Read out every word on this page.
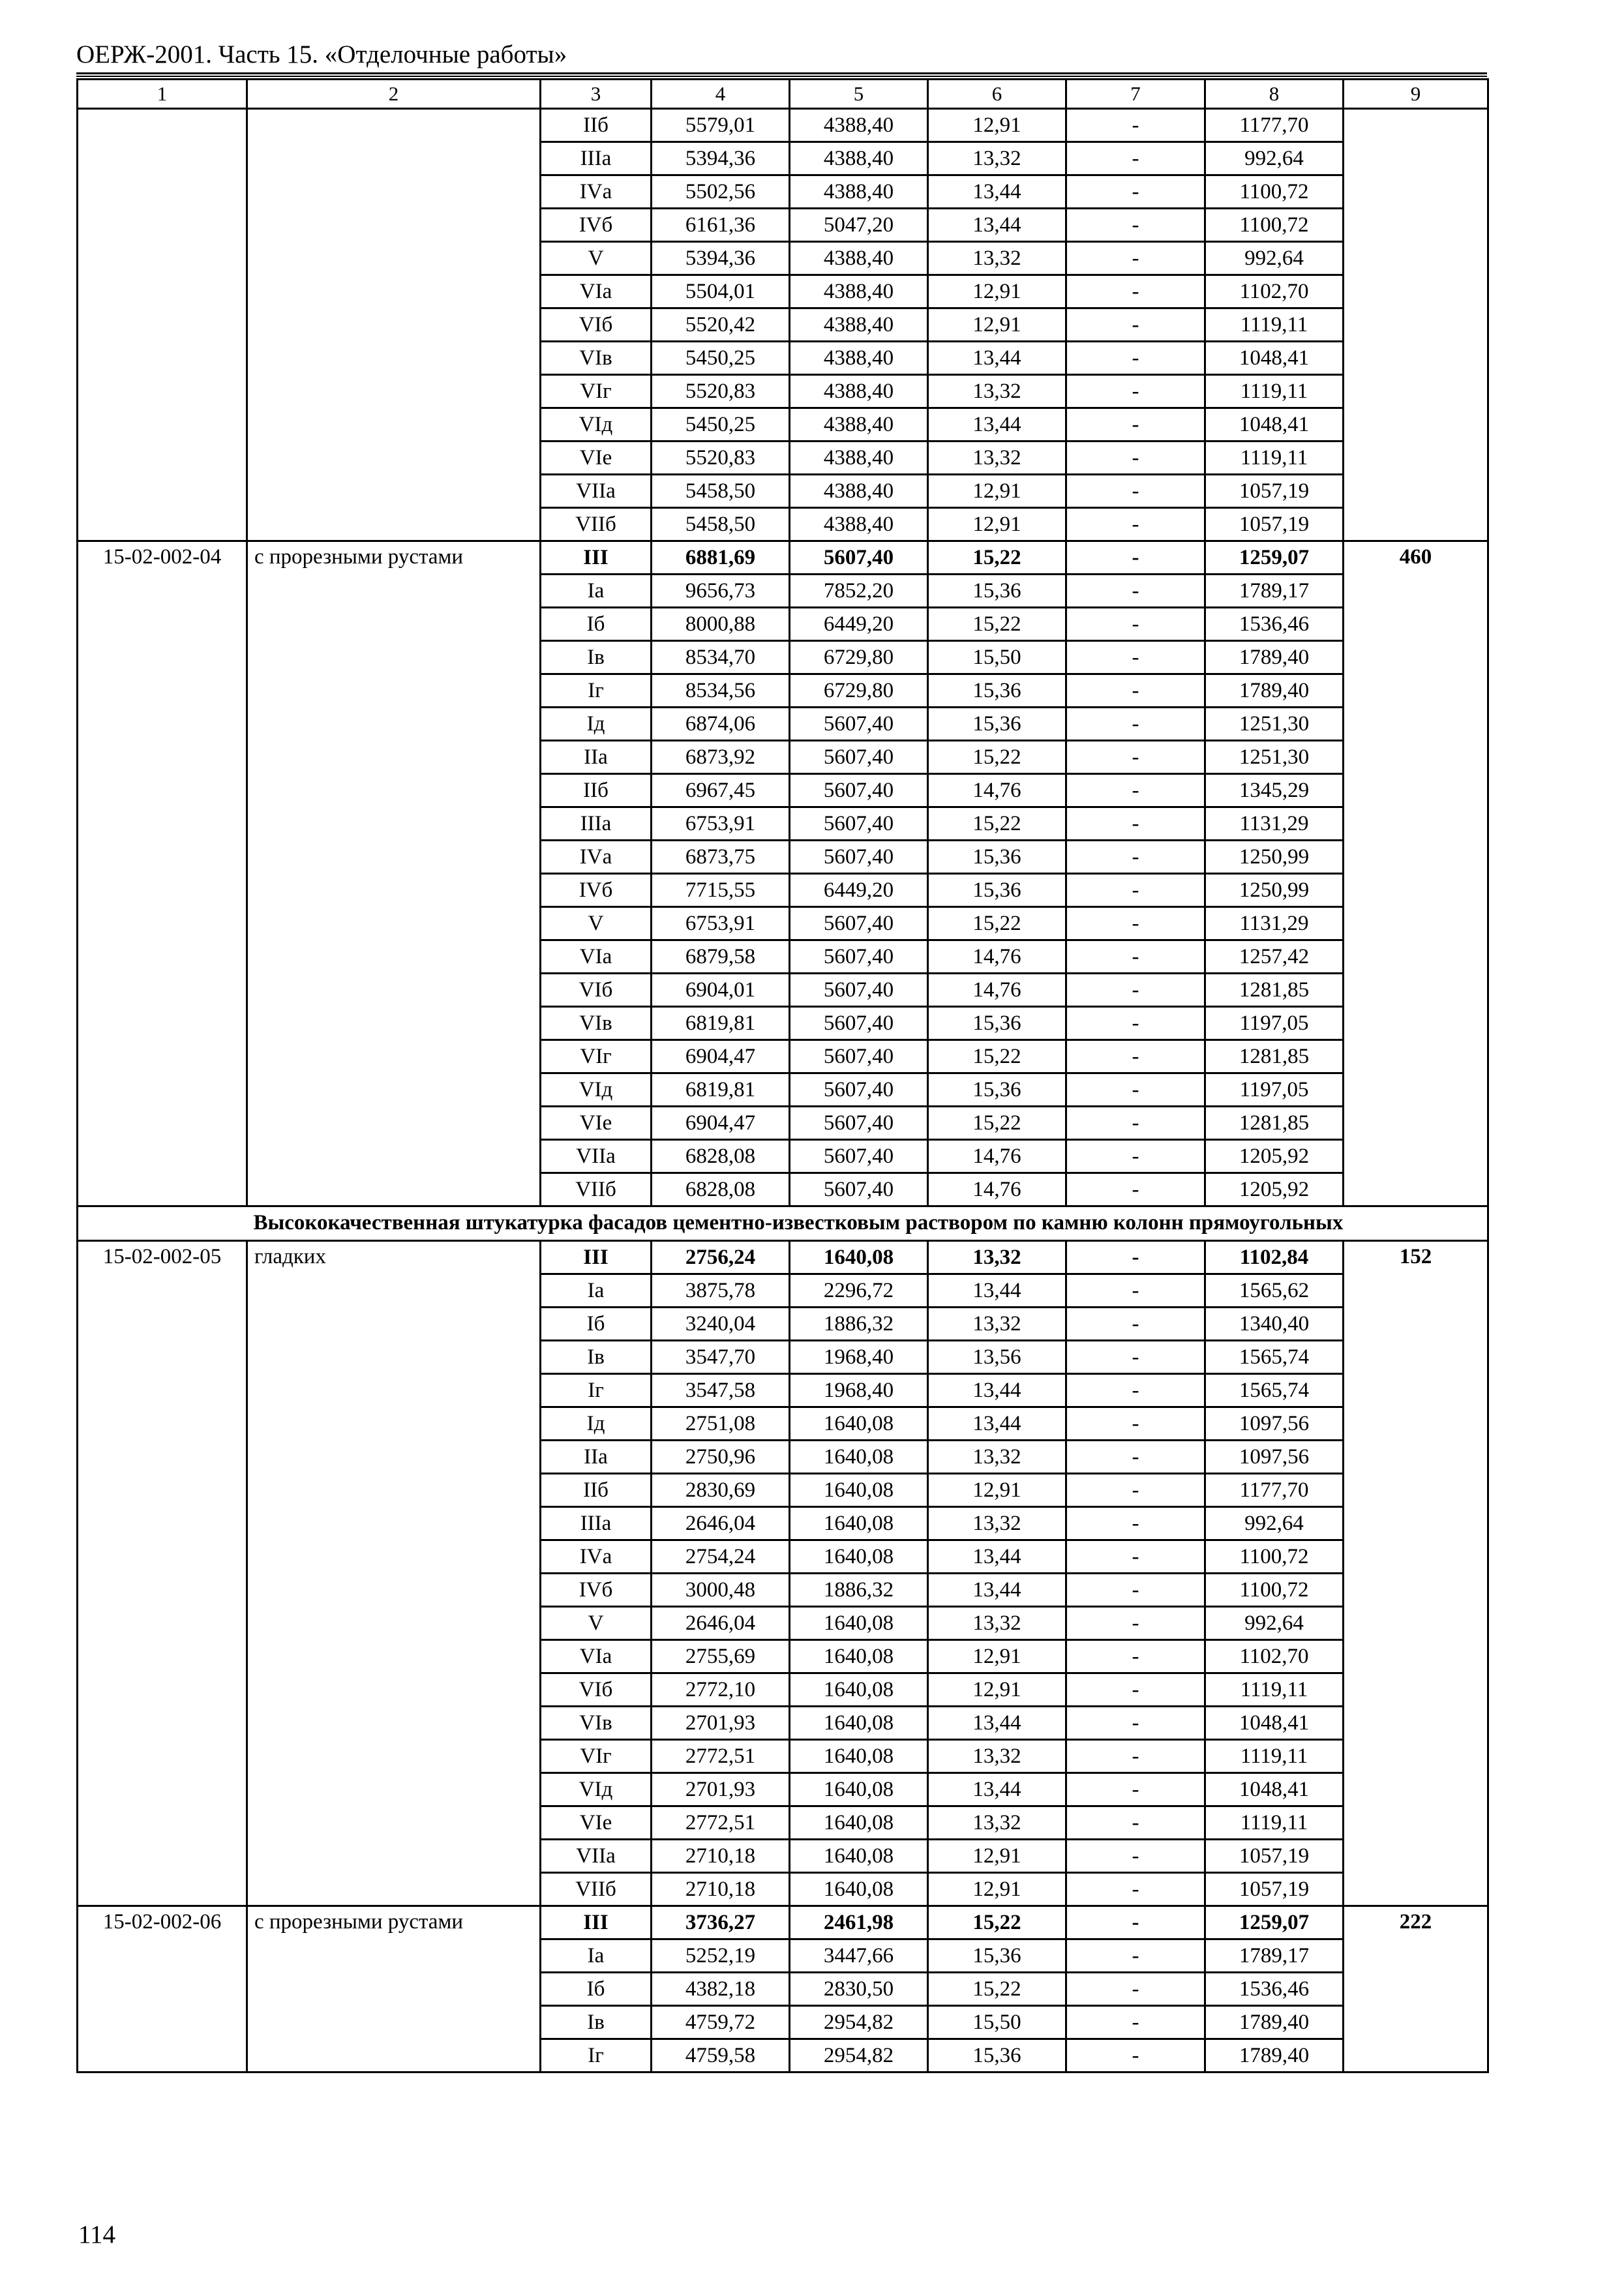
ОЕРЖ-2001. Часть 15. «Отделочные работы»
1	2	3	4	5	6	7	8	9
		IIб	5579,01	4388,40	12,91	-	1177,70	
		IIIа	5394,36	4388,40	13,32	-	992,64	
		IVа	5502,56	4388,40	13,44	-	1100,72	
		IVб	6161,36	5047,20	13,44	-	1100,72	
		V	5394,36	4388,40	13,32	-	992,64	
		VIа	5504,01	4388,40	12,91	-	1102,70	
		VIб	5520,42	4388,40	12,91	-	1119,11	
		VIв	5450,25	4388,40	13,44	-	1048,41	
		VIг	5520,83	4388,40	13,32	-	1119,11	
		VIд	5450,25	4388,40	13,44	-	1048,41	
		VIе	5520,83	4388,40	13,32	-	1119,11	
		VIIа	5458,50	4388,40	12,91	-	1057,19	
		VIIб	5458,50	4388,40	12,91	-	1057,19	
15-02-002-04	с прорезными рустами	III	6881,69	5607,40	15,22	-	1259,07	460
		Iа	9656,73	7852,20	15,36	-	1789,17	
		Iб	8000,88	6449,20	15,22	-	1536,46	
		Iв	8534,70	6729,80	15,50	-	1789,40	
		Iг	8534,56	6729,80	15,36	-	1789,40	
		Iд	6874,06	5607,40	15,36	-	1251,30	
		IIа	6873,92	5607,40	15,22	-	1251,30	
		IIб	6967,45	5607,40	14,76	-	1345,29	
		IIIа	6753,91	5607,40	15,22	-	1131,29	
		IVа	6873,75	5607,40	15,36	-	1250,99	
		IVб	7715,55	6449,20	15,36	-	1250,99	
		V	6753,91	5607,40	15,22	-	1131,29	
		VIа	6879,58	5607,40	14,76	-	1257,42	
		VIб	6904,01	5607,40	14,76	-	1281,85	
		VIв	6819,81	5607,40	15,36	-	1197,05	
		VIг	6904,47	5607,40	15,22	-	1281,85	
		VIд	6819,81	5607,40	15,36	-	1197,05	
		VIе	6904,47	5607,40	15,22	-	1281,85	
		VIIа	6828,08	5607,40	14,76	-	1205,92	
		VIIб	6828,08	5607,40	14,76	-	1205,92	
	Высококачественная штукатурка фасадов цементно-известковым раствором по камню колонн прямоугольных							
15-02-002-05	гладких	III	2756,24	1640,08	13,32	-	1102,84	152
		Iа	3875,78	2296,72	13,44	-	1565,62	
		Iб	3240,04	1886,32	13,32	-	1340,40	
		Iв	3547,70	1968,40	13,56	-	1565,74	
		Iг	3547,58	1968,40	13,44	-	1565,74	
		Iд	2751,08	1640,08	13,44	-	1097,56	
		IIа	2750,96	1640,08	13,32	-	1097,56	
		IIб	2830,69	1640,08	12,91	-	1177,70	
		IIIа	2646,04	1640,08	13,32	-	992,64	
		IVа	2754,24	1640,08	13,44	-	1100,72	
		IVб	3000,48	1886,32	13,44	-	1100,72	
		V	2646,04	1640,08	13,32	-	992,64	
		VIа	2755,69	1640,08	12,91	-	1102,70	
		VIб	2772,10	1640,08	12,91	-	1119,11	
		VIв	2701,93	1640,08	13,44	-	1048,41	
		VIг	2772,51	1640,08	13,32	-	1119,11	
		VIд	2701,93	1640,08	13,44	-	1048,41	
		VIе	2772,51	1640,08	13,32	-	1119,11	
		VIIа	2710,18	1640,08	12,91	-	1057,19	
		VIIб	2710,18	1640,08	12,91	-	1057,19	
15-02-002-06	с прорезными рустами	III	3736,27	2461,98	15,22	-	1259,07	222
		Iа	5252,19	3447,66	15,36	-	1789,17	
		Iб	4382,18	2830,50	15,22	-	1536,46	
		Iв	4759,72	2954,82	15,50	-	1789,40	
		Iг	4759,58	2954,82	15,36	-	1789,40	
114
